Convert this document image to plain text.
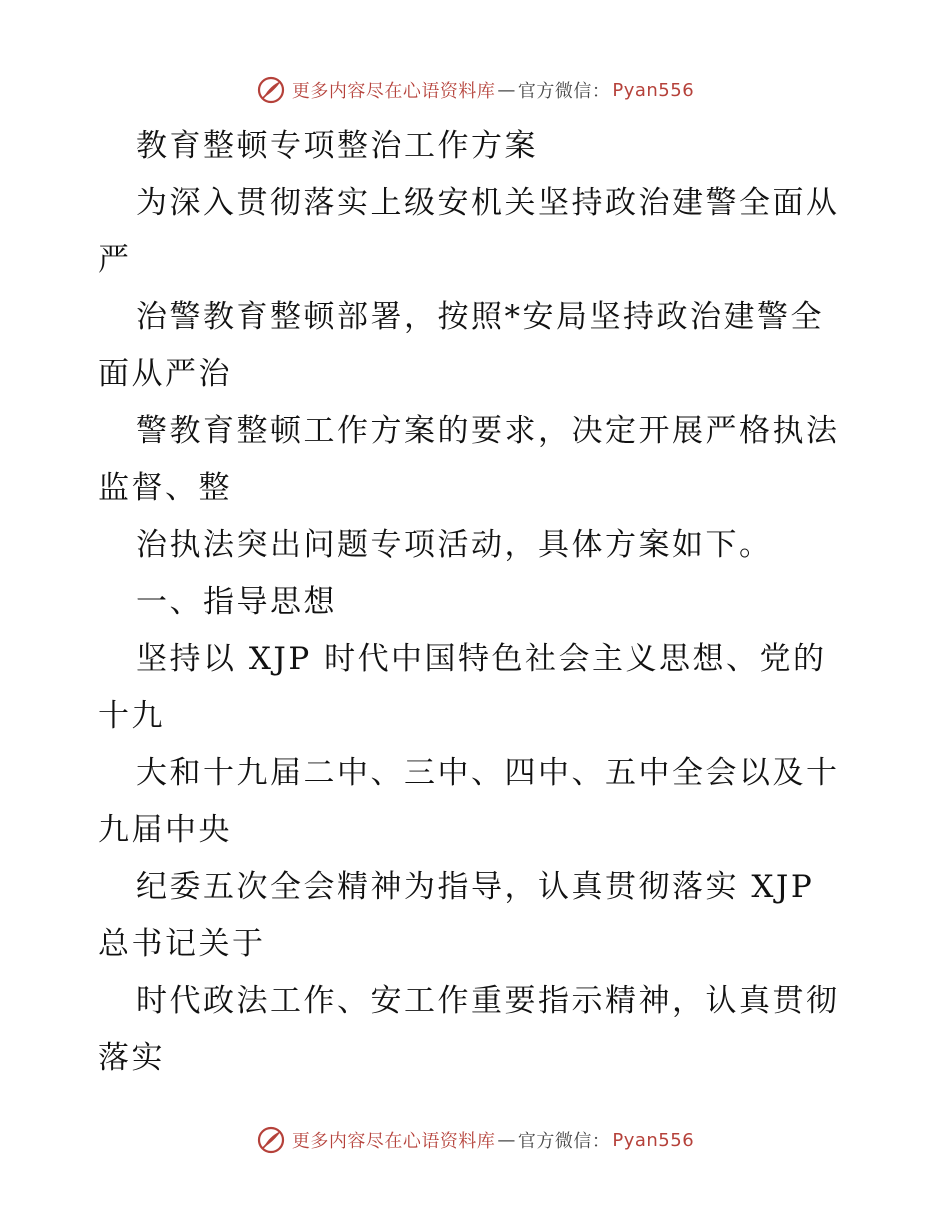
更多内容尽在心语资料库 — 官方微信： Pyan556
教育整顿专项整治工作方案
为深入贯彻落实上级安机关坚持政治建警全面从
严
治警教育整顿部署，按照*安局坚持政治建警全
面从严治
警教育整顿工作方案的要求，决定开展严格执法
监督、整
治执法突出问题专项活动，具体方案如下。
一、指导思想
坚持以 XJP 时代中国特色社会主义思想、党的
十九
大和十九届二中、三中、四中、五中全会以及十
九届中央
纪委五次全会精神为指导，认真贯彻落实 XJP
总书记关于
时代政法工作、安工作重要指示精神，认真贯彻
落实
更多内容尽在心语资料库 — 官方微信： Pyan556
